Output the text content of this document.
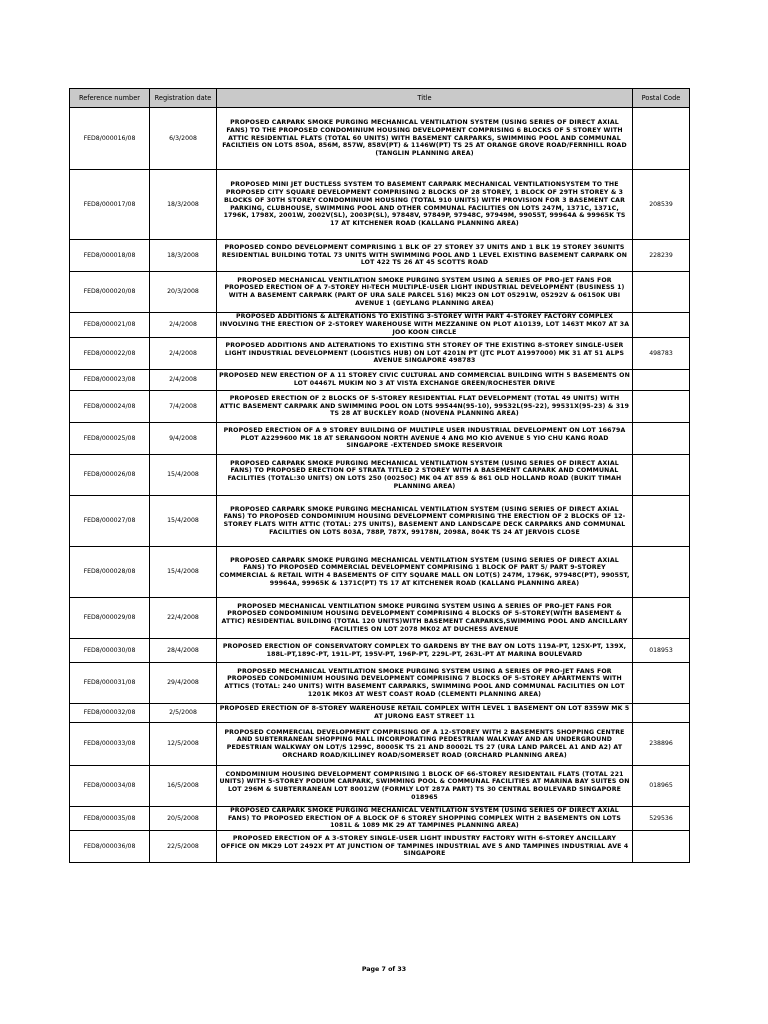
Reference number	Registration date	Title	Postal Code
FED8/000016/08	6/3/2008	PROPOSED CARPARK SMOKE PURGING MECHANICAL VENTILATION SYSTEM (USING SERIES OF DIRECT AXIAL FANS) TO THE PROPOSED CONDOMINIUM HOUSING DEVELOPMENT COMPRISING 6 BLOCKS OF 5 STOREY WITH ATTIC RESIDENTIAL FLATS (TOTAL 60 UNITS) WITH BASEMENT CARPARKS, SWIMMING POOL AND COMMUNAL FACILTIEIS ON LOTS 850A, 856M, 857W, 858V(PT) & 1146W(PT) TS 25 AT ORANGE GROVE ROAD/FERNHILL ROAD (TANGLIN PLANNING AREA)	
FED8/000017/08	18/3/2008	PROPOSED MINI JET DUCTLESS SYSTEM TO BASEMENT CARPARK MECHANICAL VENTILATIONSYSTEM TO THE PROPOSED CITY SQUARE DEVELOPMENT COMPRISING 2 BLOCKS OF 28 STOREY, 1 BLOCK OF 29TH STOREY & 3 BLOCKS OF 30TH STOREY CONDOMINIUM HOUSING (TOTAL 910 UNITS) WITH PROVISION FOR 3 BASEMENT CAR PARKING, CLUBHOUSE, SWIMMING POOL AND OTHER COMMUNAL FACILITIES ON LOTS 247M, 1371C, 1371C, 1796K, 1798X, 2001W, 2002V(SL), 2003P(SL), 97848V, 97849P, 97948C, 97949M, 99055T, 99964A & 99965K TS 17 AT KITCHENER ROAD (KALLANG PLANNING AREA)	208539
FED8/000018/08	18/3/2008	PROPOSED CONDO DEVELOPMENT COMPRISING 1 BLK OF 27 STOREY 37 UNITS AND 1 BLK 19 STOREY 36UNITS RESIDENTIAL BUILDING TOTAL 73 UNITS WITH SWIMMING POOL AND 1 LEVEL EXISTING BASEMENT CARPARK ON LOT 422 TS 26 AT 45 SCOTTS ROAD	228239
FED8/000020/08	20/3/2008	PROPOSED MECHANICAL VENTILATION SMOKE PURGING SYSTEM USING A SERIES OF PRO-JET FANS FOR PROPOSED ERECTION OF A 7-STOREY HI-TECH MULTIPLE-USER LIGHT INDUSTRIAL DEVELOPMENT (BUSINESS 1) WITH A BASEMENT CARPARK (PART OF URA SALE PARCEL 516) MK23 ON LOT 05291W, 05292V & 06150K UBI AVENUE 1 (GEYLANG PLANNING AREA)	
FED8/000021/08	2/4/2008	PROPOSED ADDITIONS & ALTERATIONS TO EXISTING 3-STOREY WITH PART 4-STOREY FACTORY COMPLEX INVOLVING THE ERECTION OF 2-STOREY WAREHOUSE WITH MEZZANINE ON PLOT A10139, LOT 1463T MK07 AT 3A JOO KOON CIRCLE	
FED8/000022/08	2/4/2008	PROPOSED ADDITIONS AND ALTERATIONS TO EXISTING 5TH STOREY OF THE EXISTING 8-STOREY SINGLE-USER LIGHT INDUSTRIAL DEVELOPMENT (LOGISTICS HUB) ON LOT 4201N PT (JTC PLOT A1997000) MK 31 AT 51 ALPS AVENUE SINGAPORE 498783	498783
FED8/000023/08	2/4/2008	PROPOSED NEW ERECTION OF A 11 STOREY CIVIC CULTURAL AND COMMERCIAL BUILDING WITH 5 BASEMENTS ON LOT 04467L MUKIM NO 3 AT VISTA EXCHANGE GREEN/ROCHESTER DRIVE	
FED8/000024/08	7/4/2008	PROPOSED ERECTION OF 2 BLOCKS OF 5-STOREY RESIDENTIAL FLAT DEVELOPMENT (TOTAL 49 UNITS) WITH ATTIC BASEMENT CARPARK AND SWIMMING POOL ON LOTS 99544N(95-10), 99532L(95-22), 99531X(95-23) & 319 TS 28 AT BUCKLEY ROAD (NOVENA PLANNING AREA)	
FED8/000025/08	9/4/2008	PROPOSED ERECTION OF A 9 STOREY BUILDING OF MULTIPLE USER INDUSTRIAL DEVELOPMENT ON LOT 16679A PLOT A2299600 MK 18 AT SERANGOON NORTH AVENUE 4 ANG MO KIO AVENUE 5 YIO CHU KANG ROAD SINGAPORE -EXTENDED SMOKE RESERVOIR	
FED8/000026/08	15/4/2008	PROPOSED CARPARK SMOKE PURGING MECHANICAL VENTILATION SYSTEM (USING SERIES OF DIRECT AXIAL FANS) TO PROPOSED ERECTION OF STRATA TITLED 2 STOREY WITH A BASEMENT CARPARK AND COMMUNAL FACILITIES (TOTAL:30 UNITS) ON LOTS 250 (00250C) MK 04 AT 859 & 861 OLD HOLLAND ROAD (BUKIT TIMAH PLANNING AREA)	
FED8/000027/08	15/4/2008	PROPOSED CARPARK SMOKE PURGING MECHANICAL VENTILATION SYSTEM (USING SERIES OF DIRECT AXIAL FANS) TO PROPOSED CONDOMINIUM HOUSING DEVELOPMENT COMPRISING THE ERECTION OF 2 BLOCKS OF 12-STOREY FLATS WITH ATTIC (TOTAL: 275 UNITS), BASEMENT AND LANDSCAPE DECK CARPARKS AND COMMUNAL FACILITIES ON LOTS 803A, 788P, 787X, 99178N, 2098A, 804K TS 24 AT JERVOIS CLOSE	
FED8/000028/08	15/4/2008	PROPOSED CARPARK SMOKE PURGING MECHANICAL VENTILATION SYSTEM (USING SERIES OF DIRECT AXIAL FANS) TO PROPOSED COMMERCIAL DEVELOPMENT COMPRISING 1 BLOCK OF PART 5/ PART 9-STOREY COMMERCIAL & RETAIL WITH 4 BASEMENTS OF CITY SQUARE MALL ON LOT(S) 247M, 1796K, 97948C(PT), 99055T, 99964A, 99965K & 1371C(PT) TS 17 AT KITCHENER ROAD (KALLANG PLANNING AREA)	
FED8/000029/08	22/4/2008	PROPOSED MECHANICAL VENTILATION SMOKE PURGING SYSTEM USING A SERIES OF PRO-JET FANS FOR PROPOSED CONDOMINIUM HOUSING DEVELOPMENT COMPRISING 4 BLOCKS OF 5-STOREY(WITH BASEMENT & ATTIC) RESIDENTIAL BUILDING (TOTAL 120 UNITS)WITH BASEMENT CARPARKS,SWIMMING POOL AND ANCILLARY FACILITIES ON LOT 2078 MK02 AT DUCHESS AVENUE	
FED8/000030/08	28/4/2008	PROPOSED ERECTION OF CONSERVATORY COMPLEX TO GARDENS BY THE BAY ON LOTS 119A-PT, 125X-PT, 139X, 188L-PT,189C-PT, 191L-PT, 195V-PT, 196P-PT, 229L-PT, 263L-PT AT MARINA BOULEVARD	018953
FED8/000031/08	29/4/2008	PROPOSED MECHANICAL VENTILATION SMOKE PURGING SYSTEM USING A SERIES OF PRO-JET FANS FOR PROPOSED CONDOMINIUM HOUSING DEVELOPMENT COMPRISING 7 BLOCKS OF 5-STOREY APARTMENTS WITH ATTICS (TOTAL: 240 UNITS) WITH BASEMENT CARPARKS, SWIMMING POOL AND COMMUNAL FACILITIES ON LOT 1201K MK03 AT WEST COAST ROAD (CLEMENTI PLANNING AREA)	
FED8/000032/08	2/5/2008	PROPOSED ERECTION OF 8-STOREY WAREHOUSE RETAIL COMPLEX WITH LEVEL 1 BASEMENT ON LOT 8359W MK 5 AT JURONG EAST STREET 11	
FED8/000033/08	12/5/2008	PROPOSED COMMERCIAL DEVELOPMENT COMPRISING OF A 12-STOREY WITH 2 BASEMENTS SHOPPING CENTRE AND SUBTERRANEAN SHOPPING MALL INCORPORATING PEDESTRIAN WALKWAY AND AN UNDERGROUND PEDESTRIAN WALKWAY ON LOT/S 1299C, 80005K TS 21 AND 80002L TS 27 (URA LAND PARCEL A1 AND A2) AT ORCHARD ROAD/KILLINEY ROAD/SOMERSET ROAD (ORCHARD PLANNING AREA)	238896
FED8/000034/08	16/5/2008	CONDOMINIUM HOUSING DEVELOPMENT COMPRISING 1 BLOCK OF 66-STOREY RESIDENTAIL FLATS (TOTAL 221 UNITS) WITH 5-STOREY PODIUM CARPARK, SWIMMING POOL & COMMUNAL FACILITIES AT MARINA BAY SUITES ON LOT 296M & SUBTERRANEAN LOT 80012W (FORMLY LOT 287A PART) TS 30 CENTRAL BOULEVARD SINGAPORE 018965	018965
FED8/000035/08	20/5/2008	PROPOSED CARPARK SMOKE PURGING MECHANICAL VENTILATION SYSTEM (USING SERIES OF DIRECT AXIAL FANS) TO PROPOSED ERECTION OF A BLOCK OF 6 STOREY SHOPPING COMPLEX WITH 2 BASEMENTS ON LOTS 1081L & 1089 MK 29 AT TAMPINES PLANNING AREA)	529536
FED8/000036/08	22/5/2008	PROPOSED ERECTION OF A 3-STOREY SINGLE-USER LIGHT INDUSTRY FACTORY WITH 6-STOREY ANCILLARY OFFICE ON MK29 LOT 2492X PT AT JUNCTION OF TAMPINES INDUSTRIAL AVE 5 AND TAMPINES INDUSTRIAL AVE 4 SINGAPORE	
Page 7 of 33
